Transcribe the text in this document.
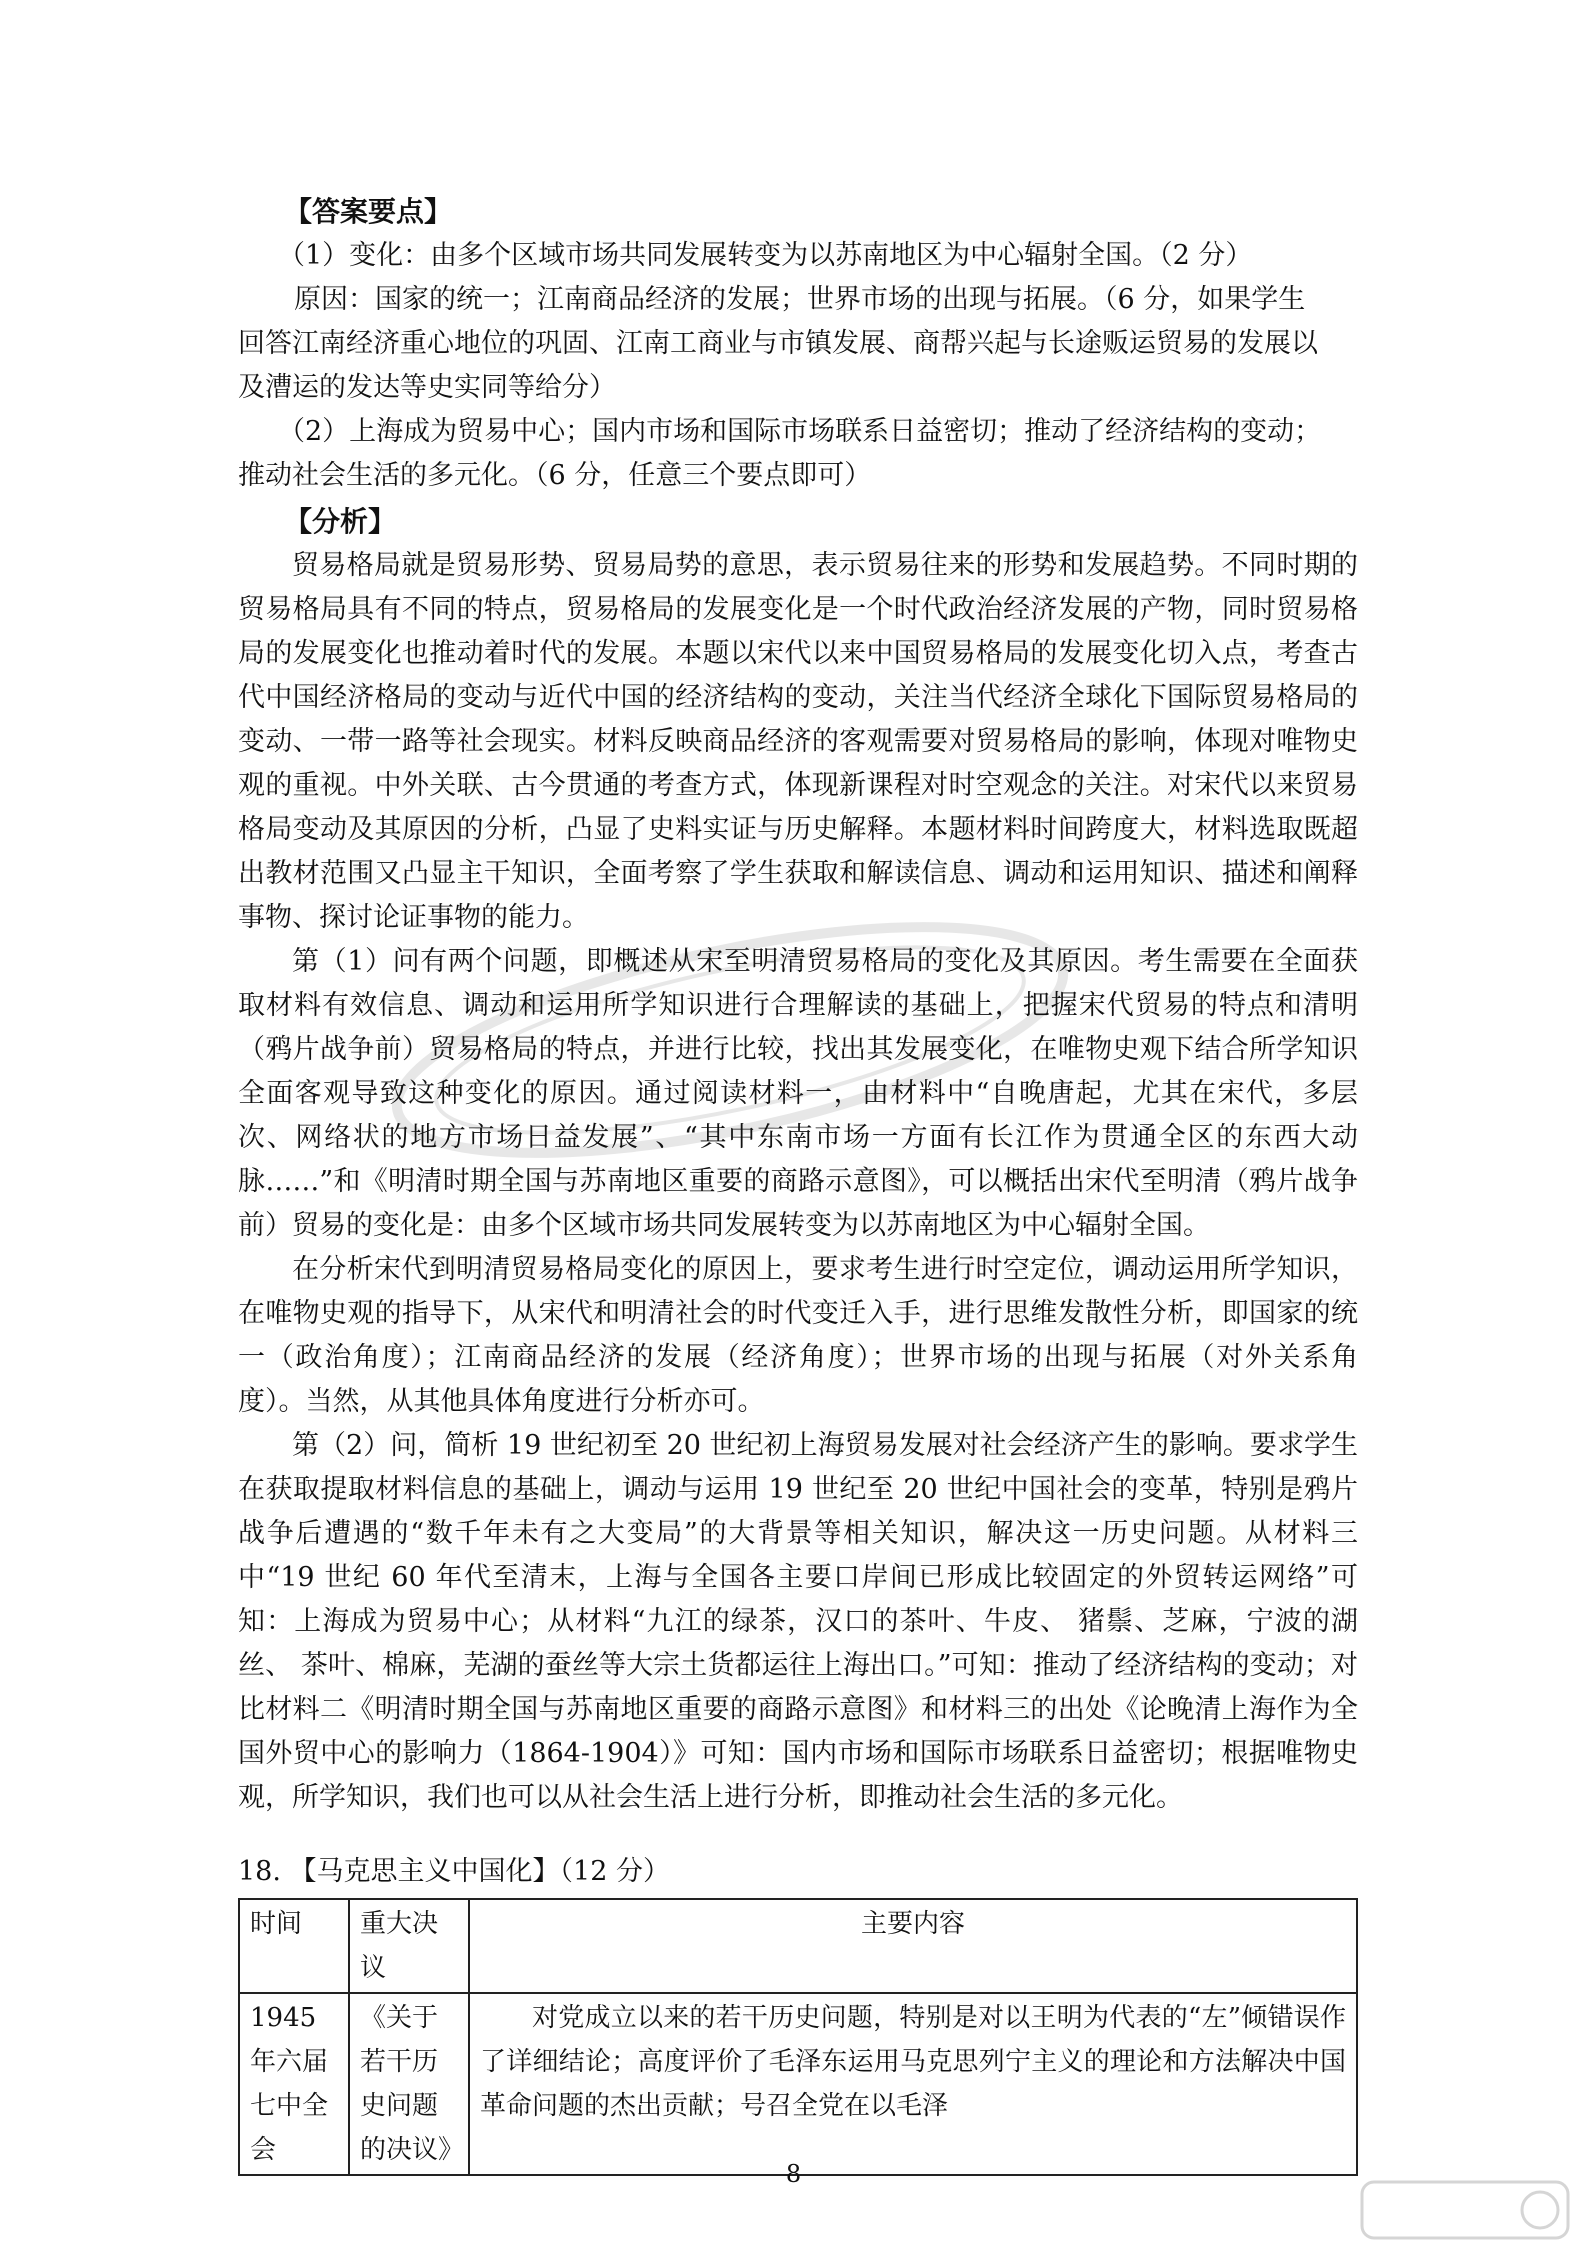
【答案要点】
（1）变化：由多个区域市场共同发展转变为以苏南地区为中心辐射全国。（2 分）
原因：国家的统一；江南商品经济的发展；世界市场的出现与拓展。（6 分，如果学生
回答江南经济重心地位的巩固、江南工商业与市镇发展、商帮兴起与长途贩运贸易的发展以
及漕运的发达等史实同等给分）
（2）上海成为贸易中心；国内市场和国际市场联系日益密切；推动了经济结构的变动；
推动社会生活的多元化。（6 分，任意三个要点即可）
【分析】

贸易格局就是贸易形势、贸易局势的意思，表示贸易往来的形势和发展趋势。不同时期的贸易格局具有不同的特点，贸易格局的发展变化是一个时代政治经济发展的产物，同时贸易格局的发展变化也推动着时代的发展。本题以宋代以来中国贸易格局的发展变化切入点，考查古代中国经济格局的变动与近代中国的经济结构的变动，关注当代经济全球化下国际贸易格局的变动、一带一路等社会现实。材料反映商品经济的客观需要对贸易格局的影响，体现对唯物史观的重视。中外关联、古今贯通的考查方式，体现新课程对时空观念的关注。对宋代以来贸易格局变动及其原因的分析，凸显了史料实证与历史解释。本题材料时间跨度大，材料选取既超出教材范围又凸显主干知识，全面考察了学生获取和解读信息、调动和运用知识、描述和阐释事物、探讨论证事物的能力。

第（1）问有两个问题，即概述从宋至明清贸易格局的变化及其原因。考生需要在全面获取材料有效信息、调动和运用所学知识进行合理解读的基础上，把握宋代贸易的特点和清明（鸦片战争前）贸易格局的特点，并进行比较，找出其发展变化，在唯物史观下结合所学知识全面客观导致这种变化的原因。通过阅读材料一，由材料中“自晚唐起，尤其在宋代，多层次、网络状的地方市场日益发展”、“其中东南市场一方面有长江作为贯通全区的东西大动脉……”和《明清时期全国与苏南地区重要的商路示意图》，可以概括出宋代至明清（鸦片战争前）贸易的变化是：由多个区域市场共同发展转变为以苏南地区为中心辐射全国。

在分析宋代到明清贸易格局变化的原因上，要求考生进行时空定位，调动运用所学知识，在唯物史观的指导下，从宋代和明清社会的时代变迁入手，进行思维发散性分析，即国家的统一（政治角度）；江南商品经济的发展（经济角度）；世界市场的出现与拓展（对外关系角度）。当然，从其他具体角度进行分析亦可。

第（2）问，简析 19 世纪初至 20 世纪初上海贸易发展对社会经济产生的影响。要求学生在获取提取材料信息的基础上，调动与运用 19 世纪至 20 世纪中国社会的变革，特别是鸦片战争后遭遇的“数千年未有之大变局”的大背景等相关知识，解决这一历史问题。从材料三中“19 世纪 60 年代至清末，上海与全国各主要口岸间已形成比较固定的外贸转运网络”可知：上海成为贸易中心；从材料“九江的绿茶，汉口的茶叶、牛皮、 猪鬃、芝麻，宁波的湖丝、 茶叶、棉麻，芜湖的蚕丝等大宗土货都运往上海出口。”可知：推动了经济结构的变动；对比材料二《明清时期全国与苏南地区重要的商路示意图》和材料三的出处《论晚清上海作为全国外贸中心的影响力（1864-1904）》可知：国内市场和国际市场联系日益密切；根据唯物史观，所学知识，我们也可以从社会生活上进行分析，即推动社会生活的多元化。

18. 【马克思主义中国化】（12 分）
时间	重大决议	主要内容
1945 年六届七中全会	《关于若干历史问题的决议》	对党成立以来的若干历史问题，特别是对以王明为代表的“左”倾错误作了详细结论；高度评价了毛泽东运用马克思列宁主义的理论和方法解决中国革命问题的杰出贡献；号召全党在以毛泽
8
